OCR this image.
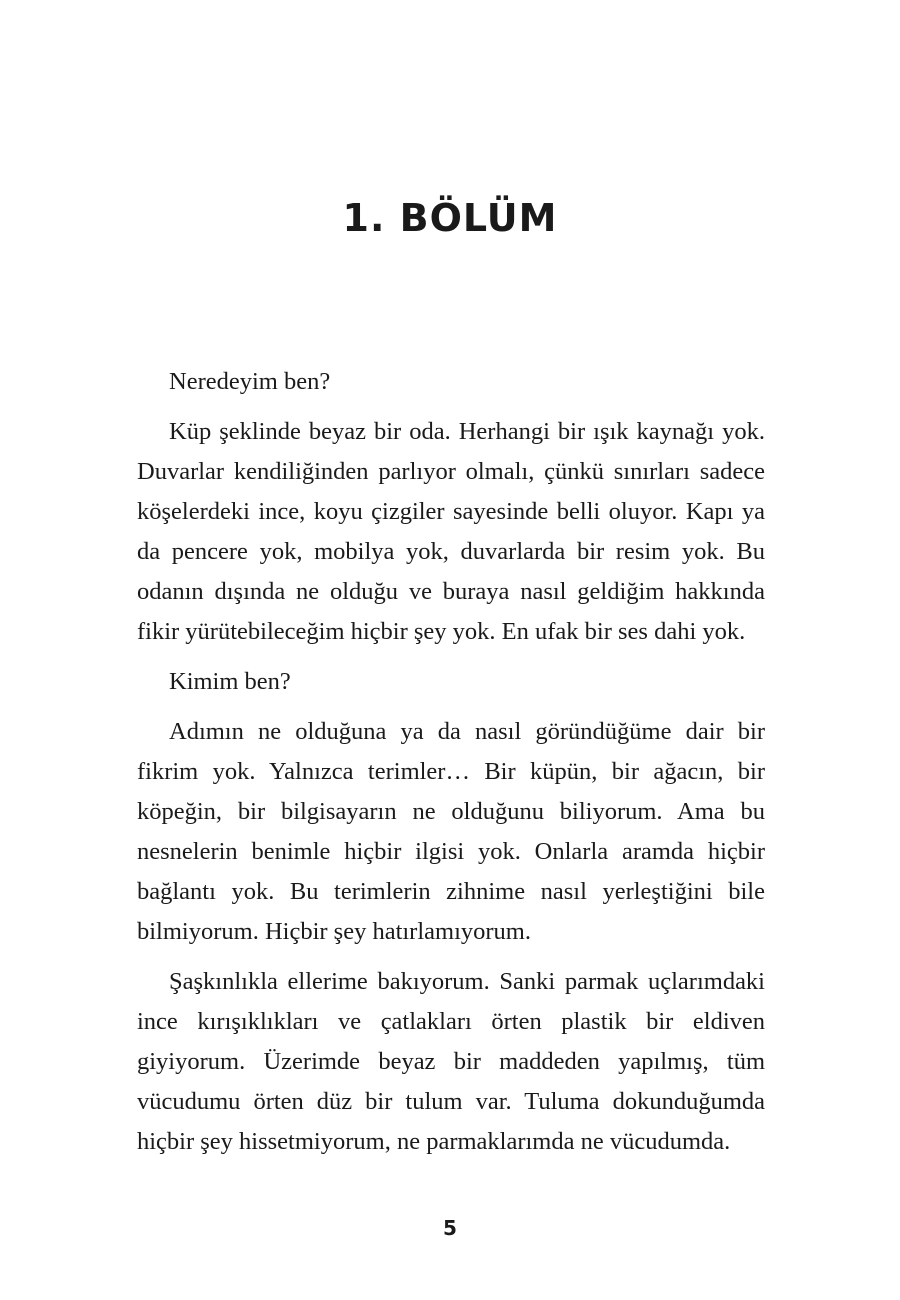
1. BÖLÜM

Neredeyim ben?

Küp şeklinde beyaz bir oda. Herhangi bir ışık kaynağı yok. Duvarlar kendiliğinden parlıyor olmalı, çünkü sınırları sadece köşelerdeki ince, koyu çizgiler sayesinde belli oluyor. Kapı ya da pencere yok, mobilya yok, duvarlarda bir resim yok. Bu odanın dışında ne olduğu ve buraya nasıl geldiğim hakkında fikir yürütebileceğim hiçbir şey yok. En ufak bir ses dahi yok.

Kimim ben?

Adımın ne olduğuna ya da nasıl göründüğüme dair bir fikrim yok. Yalnızca terimler… Bir küpün, bir ağacın, bir köpeğin, bir bilgisayarın ne olduğunu biliyorum. Ama bu nesnelerin benimle hiçbir ilgisi yok. Onlarla aramda hiçbir bağlantı yok. Bu terimlerin zihnime nasıl yerleştiğini bile bilmiyorum. Hiçbir şey hatırlamıyorum.

Şaşkınlıkla ellerime bakıyorum. Sanki parmak uçlarımdaki ince kırışıklıkları ve çatlakları örten plastik bir eldiven giyiyorum. Üzerimde beyaz bir maddeden yapılmış, tüm vücudumu örten düz bir tulum var. Tuluma dokunduğumda hiçbir şey hissetmiyorum, ne parmaklarımda ne vücudumda.

5
